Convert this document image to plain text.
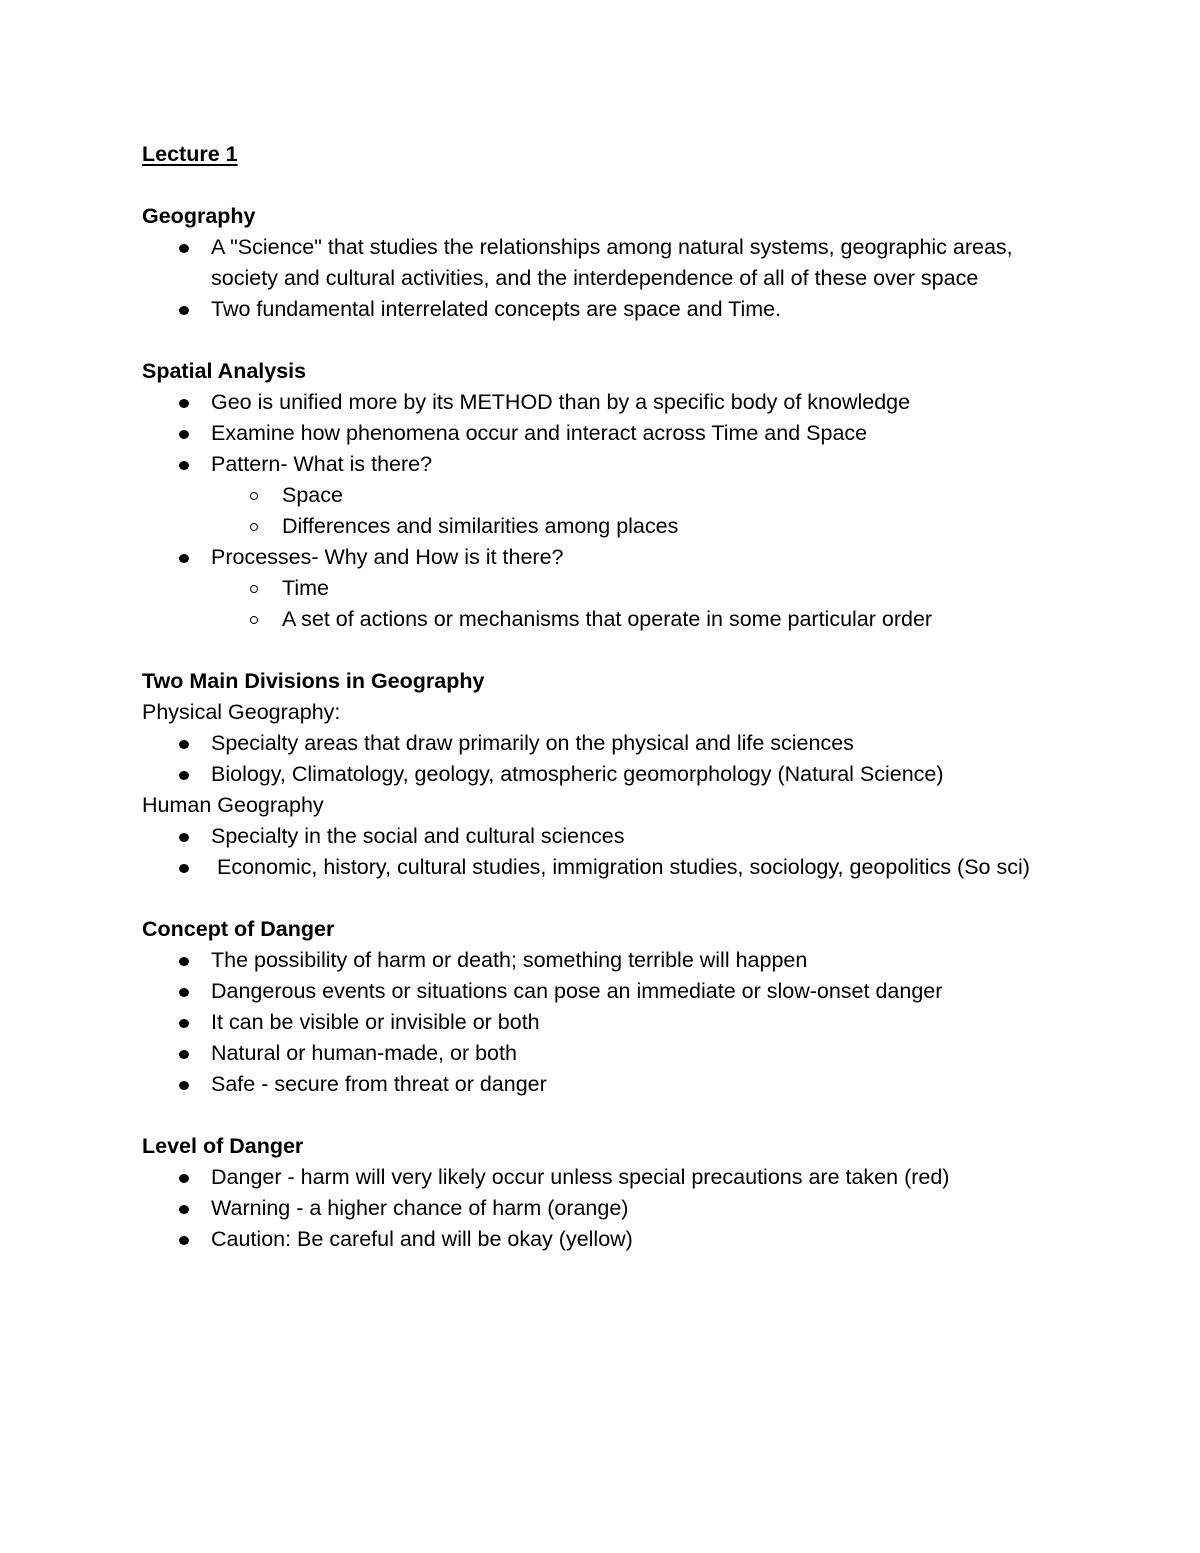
Lecture 1

Geography

A "Science" that studies the relationships among natural systems, geographic areas, society and cultural activities, and the interdependence of all of these over space
Two fundamental interrelated concepts are space and Time.

Spatial Analysis

Geo is unified more by its METHOD than by a specific body of knowledge
Examine how phenomena occur and interact across Time and Space
Pattern- What is there?
Space
Differences and similarities among places
Processes- Why and How is it there?
Time
A set of actions or mechanisms that operate in some particular order

Two Main Divisions in Geography

Physical Geography:

Specialty areas that draw primarily on the physical and life sciences
Biology, Climatology, geology, atmospheric geomorphology (Natural Science)

Human Geography

Specialty in the social and cultural sciences
Economic, history, cultural studies, immigration studies, sociology, geopolitics (So sci)

Concept of Danger

The possibility of harm or death; something terrible will happen
Dangerous events or situations can pose an immediate or slow-onset danger
It can be visible or invisible or both
Natural or human-made, or both
Safe - secure from threat or danger

Level of Danger

Danger - harm will very likely occur unless special precautions are taken (red)
Warning - a higher chance of harm (orange)
Caution: Be careful and will be okay (yellow)
